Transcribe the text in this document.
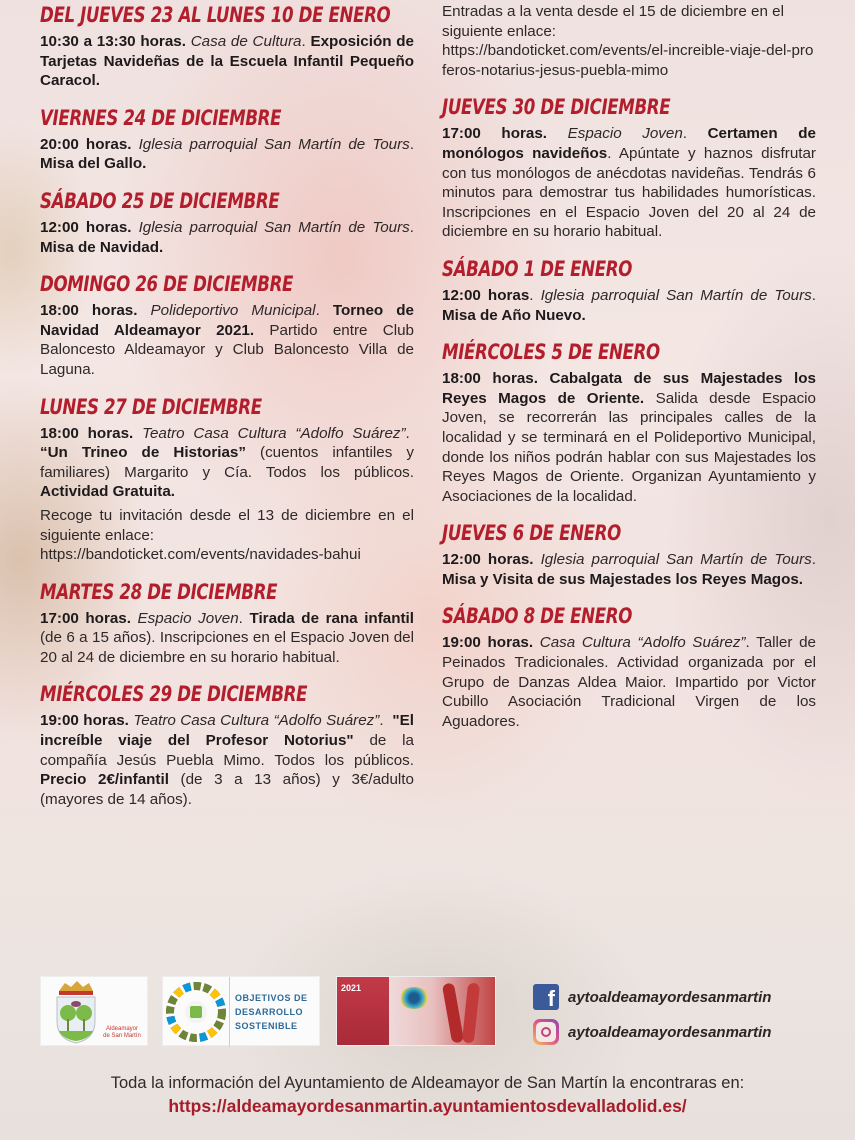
DEL JUEVES 23 AL LUNES 10 DE ENERO

10:30 a 13:30 horas. Casa de Cultura. Exposición de Tarjetas Navideñas de la Escuela Infantil Pequeño Caracol.

VIERNES 24 DE DICIEMBRE

20:00 horas. Iglesia parroquial San Martín de Tours. Misa del Gallo.

SÁBADO 25 DE DICIEMBRE

12:00 horas. Iglesia parroquial San Martín de Tours. Misa de Navidad.

DOMINGO 26 DE DICIEMBRE

18:00 horas. Polideportivo Municipal. Torneo de Navidad Aldeamayor 2021. Partido entre Club Baloncesto Aldeamayor y Club Baloncesto Villa de Laguna.

LUNES 27 DE DICIEMBRE

18:00 horas. Teatro Casa Cultura “Adolfo Suárez”.  “Un Trineo de Historias” (cuentos infantiles y familiares) Margarito y Cía. Todos los públicos. Actividad Gratuita.

Recoge tu invitación desde el 13 de diciembre en el siguiente enlace:
https://bandoticket.com/events/navidades-bahui

MARTES 28 DE DICIEMBRE

17:00 horas. Espacio Joven. Tirada de rana infantil (de 6 a 15 años). Inscripciones en el Espacio Joven del 20 al 24 de diciembre en su horario habitual.

MIÉRCOLES 29 DE DICIEMBRE

19:00 horas. Teatro Casa Cultura “Adolfo Suárez”.  "El increíble viaje del Profesor Notorius" de la compañía Jesús Puebla Mimo. Todos los públicos. Precio 2€/infantil (de 3 a 13 años) y 3€/adulto (mayores de 14 años).

Entradas a la venta desde el 15 de diciembre en el siguiente enlace:
https://bandoticket.com/events/el-increible-viaje-del-proferos-notarius-jesus-puebla-mimo

JUEVES 30 DE DICIEMBRE

17:00 horas. Espacio Joven. Certamen de monólogos navideños. Apúntate y haznos disfrutar con tus monólogos de anécdotas navideñas. Tendrás 6 minutos para demostrar tus habilidades humorísticas. Inscripciones en el Espacio Joven del 20 al 24 de diciembre en su horario habitual.

SÁBADO 1 DE ENERO

12:00 horas. Iglesia parroquial San Martín de Tours. Misa de Año Nuevo.

MIÉRCOLES 5 DE ENERO

18:00 horas. Cabalgata de sus Majestades los Reyes Magos de Oriente. Salida desde Espacio Joven, se recorrerán las principales calles de la localidad y se terminará en el Polideportivo Municipal, donde los niños podrán hablar con sus Majestades los Reyes Magos de Oriente. Organizan Ayuntamiento y Asociaciones de la localidad.

JUEVES 6 DE ENERO

12:00 horas. Iglesia parroquial San Martín de Tours. Misa y Visita de sus Majestades los Reyes Magos.

SÁBADO 8 DE ENERO

19:00 horas. Casa Cultura “Adolfo Suárez”. Taller de Peinados Tradicionales. Actividad organizada por el Grupo de Danzas Aldea Maior. Impartido por Victor Cubillo Asociación Tradicional Virgen de los Aguadores.

Aldeamayor
de San Martín
OBJETIVOS DE
DESARROLLO
SOSTENIBLE
2021	f aytoaldeamayordesanmartin
aytoaldeamayordesanmartin
Toda la información del Ayuntamiento de Aldeamayor de San Martín la encontraras en:
https://aldeamayordesanmartin.ayuntamientosdevalladolid.es/
